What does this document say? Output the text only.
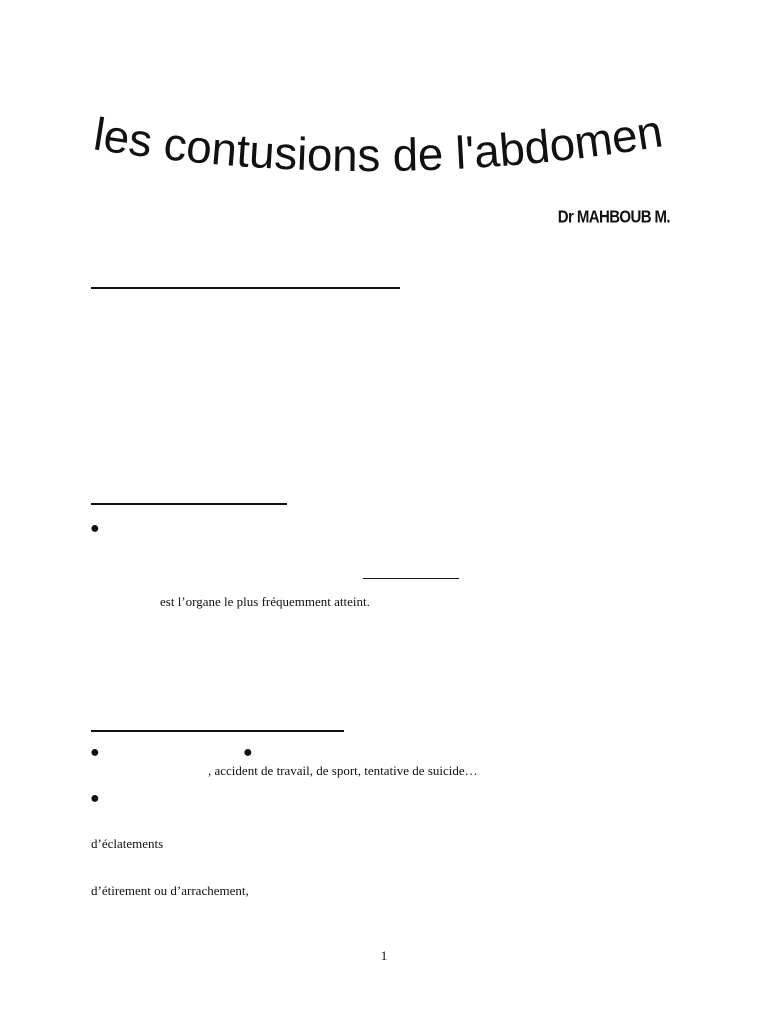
les contusions de l'abdomen
Dr MAHBOUB M.
●
est l’organe le plus fréquemment atteint.
●	●
, accident de travail, de sport, tentative de suicide…
●
d’éclatements
d’étirement ou d’arrachement,
1
